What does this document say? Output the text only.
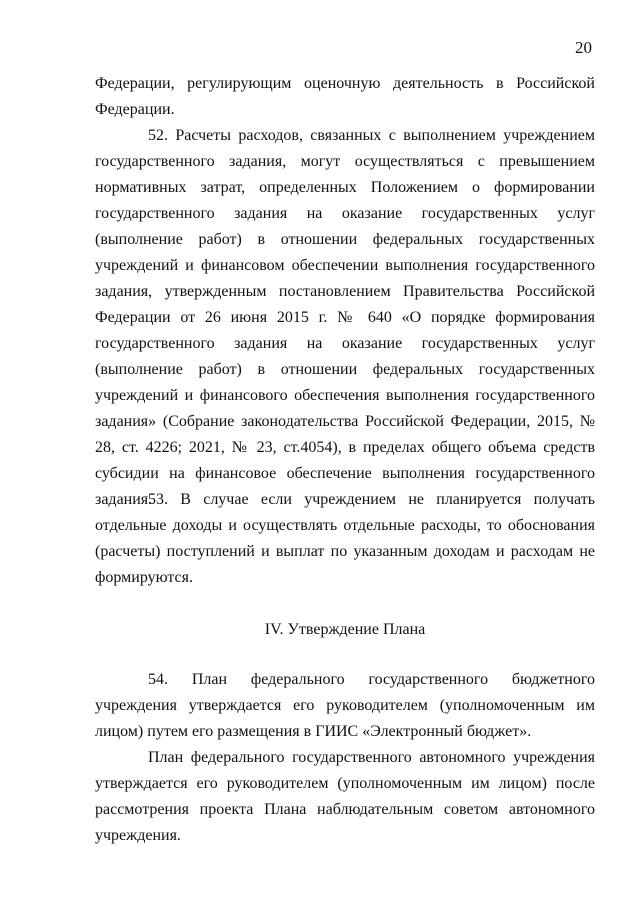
20

Федерации, регулирующим оценочную деятельность в Российской Федерации.

52. Расчеты расходов, связанных с выполнением учреждением государственного задания, могут осуществляться с превышением нормативных затрат, определенных Положением о формировании государственного задания на оказание государственных услуг (выполнение работ) в отношении федеральных государственных учреждений и финансовом обеспечении выполнения государственного задания, утвержденным постановлением Правительства Российской Федерации от 26 июня 2015 г. № 640 «О порядке формирования государственного задания на оказание государственных услуг (выполнение работ) в отношении федеральных государственных учреждений и финансового обеспечения выполнения государственного задания» (Собрание законодательства Российской Федерации, 2015, № 28, ст. 4226; 2021, № 23, ст.4054), в пределах общего объема средств субсидии на финансовое обеспечение выполнения государственного задания.

53. В случае если учреждением не планируется получать отдельные доходы и осуществлять отдельные расходы, то обоснования (расчеты) поступлений и выплат по указанным доходам и расходам не формируются.

IV. Утверждение Плана

54. План федерального государственного бюджетного учреждения утверждается его руководителем (уполномоченным им лицом) путем его размещения в ГИИС «Электронный бюджет».

План федерального государственного автономного учреждения утверждается его руководителем (уполномоченным им лицом) после рассмотрения проекта Плана наблюдательным советом автономного учреждения.
